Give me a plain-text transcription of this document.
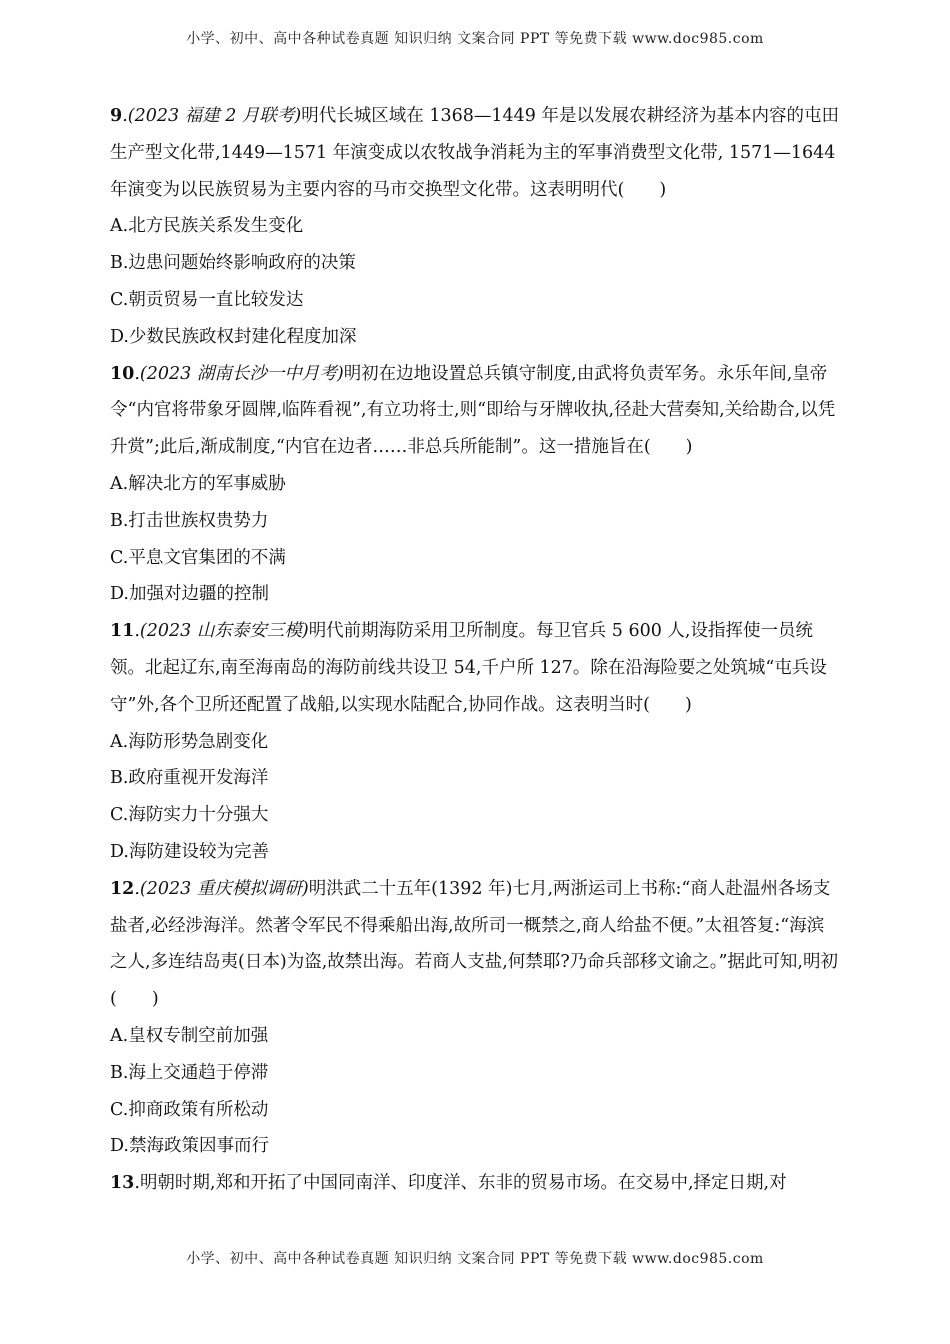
小学、初中、高中各种试卷真题 知识归纳 文案合同 PPT 等免费下载 www.doc985.com

9.(2023 福建 2 月联考)明代长城区域在 1368—1449 年是以发展农耕经济为基本内容的屯田生产型文化带,1449—1571 年演变成以农牧战争消耗为主的军事消费型文化带, 1571—1644 年演变为以民族贸易为主要内容的马市交换型文化带。这表明明代(　　)

A.北方民族关系发生变化

B.边患问题始终影响政府的决策

C.朝贡贸易一直比较发达

D.少数民族政权封建化程度加深

10.(2023 湖南长沙一中月考)明初在边地设置总兵镇守制度,由武将负责军务。永乐年间,皇帝令“内官将带象牙圆牌,临阵看视”,有立功将士,则“即给与牙牌收执,径赴大营奏知,关给勘合,以凭升赏”;此后,渐成制度,“内官在边者……非总兵所能制”。这一措施旨在(　　)

A.解决北方的军事威胁

B.打击世族权贵势力

C.平息文官集团的不满

D.加强对边疆的控制

11.(2023 山东泰安三模)明代前期海防采用卫所制度。每卫官兵 5 600 人,设指挥使一员统领。北起辽东,南至海南岛的海防前线共设卫 54,千户所 127。除在沿海险要之处筑城“屯兵设守”外,各个卫所还配置了战船,以实现水陆配合,协同作战。这表明当时(　　)

A.海防形势急剧变化

B.政府重视开发海洋

C.海防实力十分强大

D.海防建设较为完善

12.(2023 重庆模拟调研)明洪武二十五年(1392 年)七月,两浙运司上书称:“商人赴温州各场支盐者,必经涉海洋。然著令军民不得乘船出海,故所司一概禁之,商人给盐不便。”太祖答复:“海滨之人,多连结岛夷(日本)为盗,故禁出海。若商人支盐,何禁耶?乃命兵部移文谕之。”据此可知,明初(　　)

A.皇权专制空前加强

B.海上交通趋于停滞

C.抑商政策有所松动

D.禁海政策因事而行

13.明朝时期,郑和开拓了中国同南洋、印度洋、东非的贸易市场。在交易中,择定日期,对

小学、初中、高中各种试卷真题 知识归纳 文案合同 PPT 等免费下载 www.doc985.com
